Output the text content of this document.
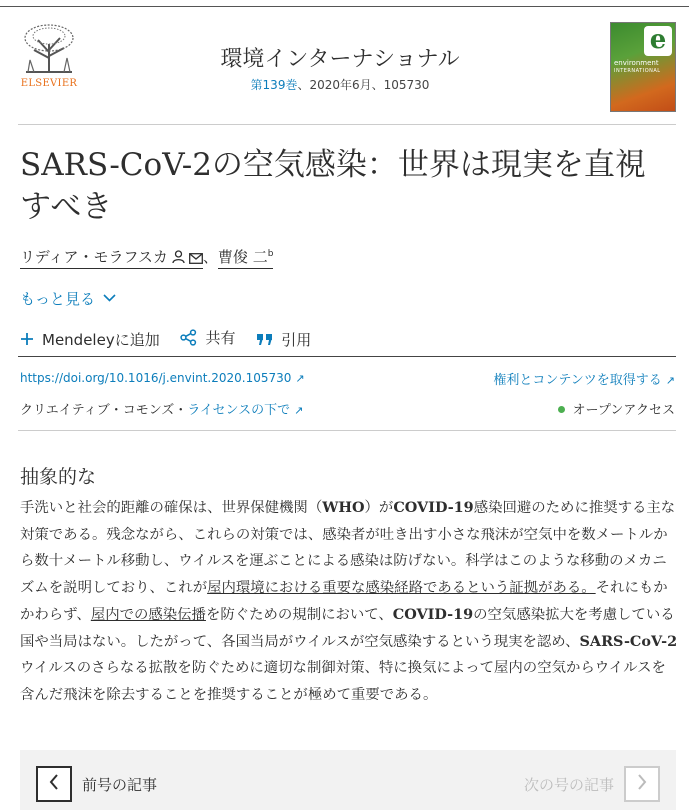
ELSEVIER
環境インターナショナル
第139巻、2020年6月、105730
e
environment
INTERNATIONAL
SARS-CoV-2の空気感染：世界は現実を直視すべき
リディア・モラフスカ 、曹俊 二$^b$
もっと見る
Mendeleyに追加
	共有
	引用
https://doi.org/10.1016/j.envint.2020.105730 ↗	権利とコンテンツを取得する ↗
クリエイティブ・コモンズ・ライセンスの下で ↗	オープンアクセス
抽象的な
手洗いと社会的距離の確保は、世界保健機関（WHO）がCOVID-19感染回避のために推奨する主な対策である。残念ながら、これらの対策では、感染者が吐き出す小さな飛沫が空気中を数メートルから数十メートル移動し、ウイルスを運ぶことによる感染は防げない。科学はこのような移動のメカニズムを説明しており、これが屋内環境における重要な感染経路であるという証拠がある。それにもかかわらず、屋内での感染伝播を防ぐための規制において、COVID-19の空気感染拡大を考慮している国や当局はない。したがって、各国当局がウイルスが空気感染するという現実を認め、SARS-CoV-2ウイルスのさらなる拡散を防ぐために適切な制御対策、特に換気によって屋内の空気からウイルスを含んだ飛沫を除去することを推奨することが極めて重要である。
前号の記事	次の号の記事
